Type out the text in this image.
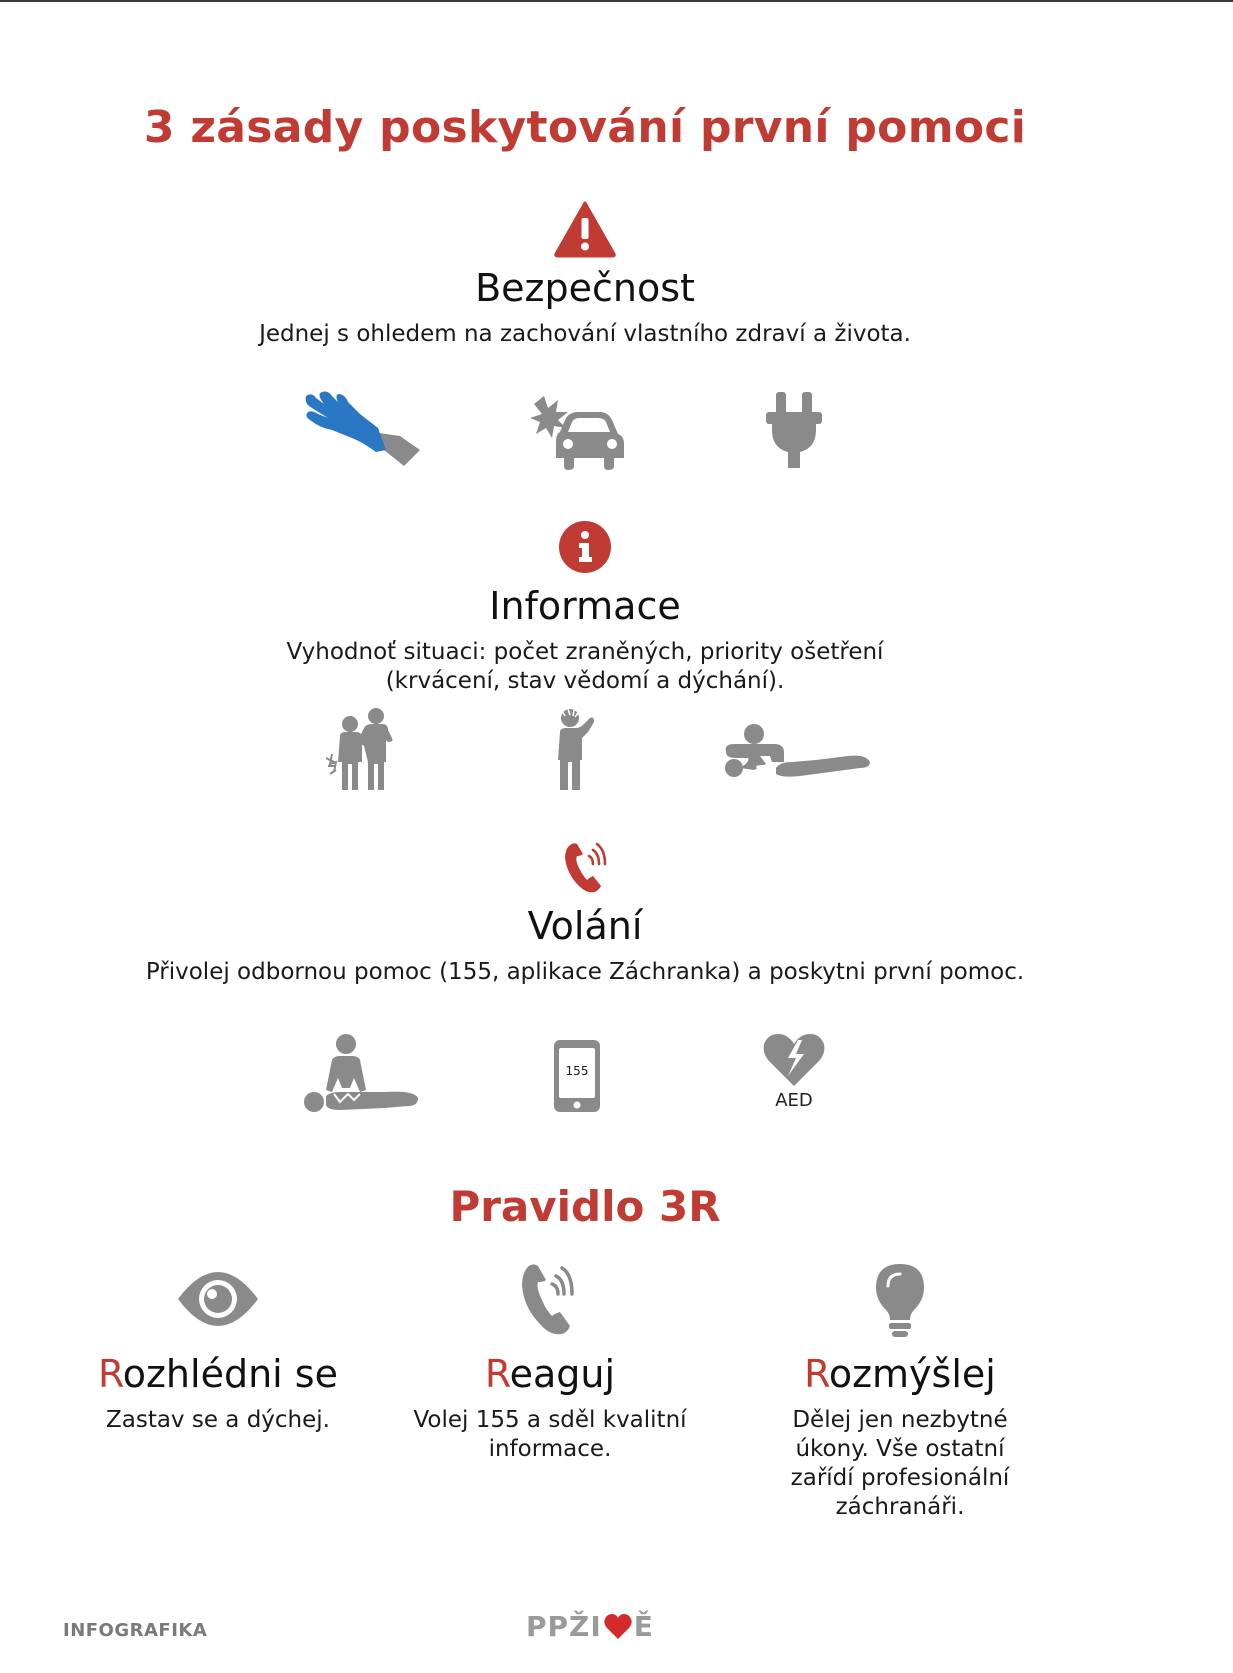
3 zásady poskytování první pomoci
Bezpečnost
Jednej s ohledem na zachování vlastního zdraví a života.
Informace
Vyhodnoť situaci: počet zraněných, priority ošetření
(krvácení, stav vědomí a dýchání).
Volání
Přivolej odbornou pomoc (155, aplikace Záchranka) a poskytni první pomoc.
155
AED
Pravidlo 3R
Rozhlédni se
Zastav se a dýchej.
Reaguj
Volej 155 a sděl kvalitní
informace.
Rozmýšlej
Dělej jen nezbytné
úkony. Vše ostatní
zařídí profesionální
záchranáři.
INFOGRAFIKA	PPŽI Ě
